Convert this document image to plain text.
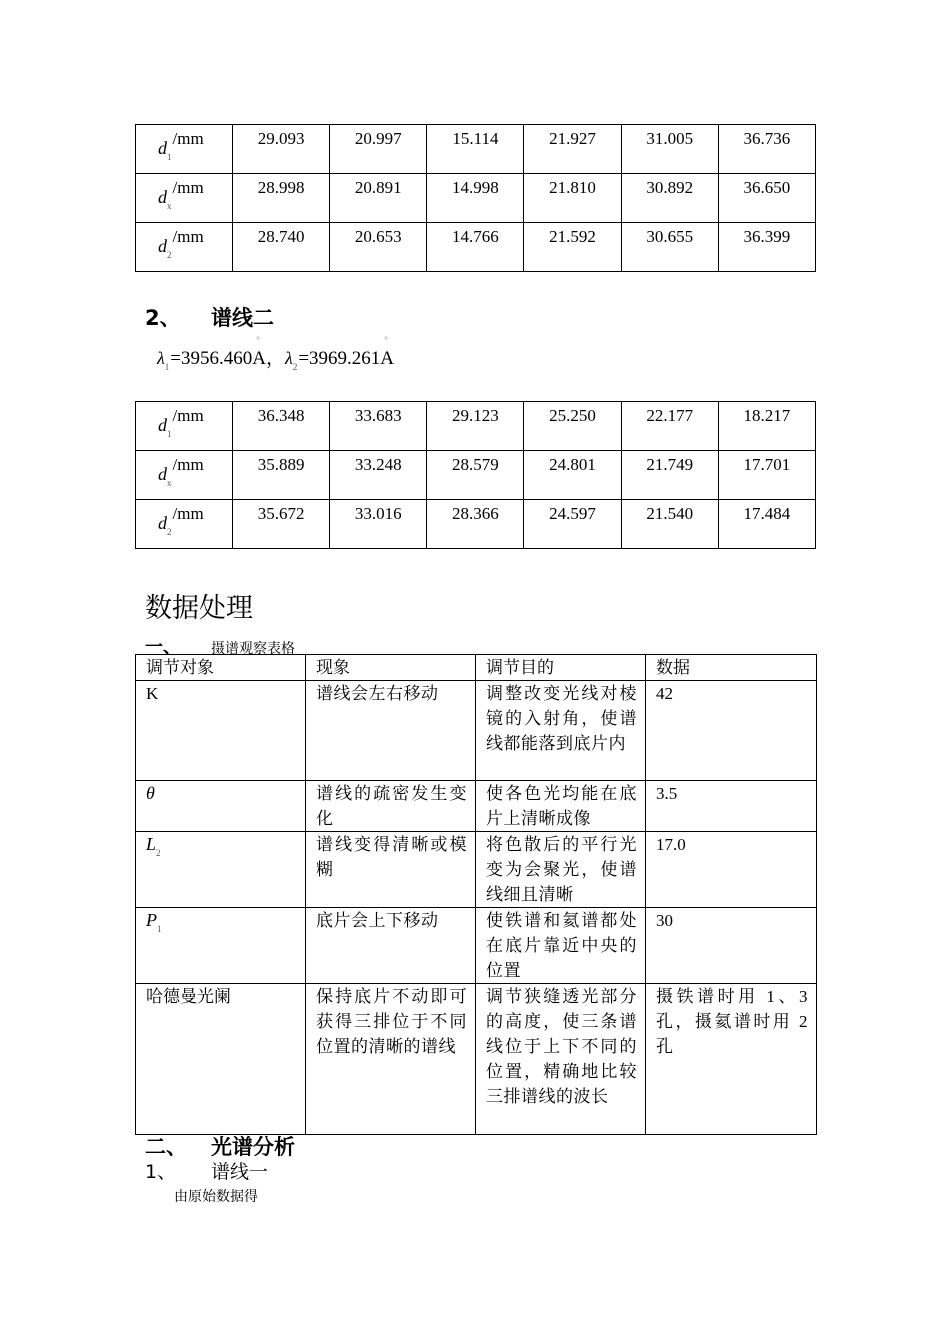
$d_1/mm$	29.093	20.997	15.114	21.927	31.005	36.736
$d_x/mm$	28.998	20.891	14.998	21.810	30.892	36.650
$d_2/mm$	28.740	20.653	14.766	21.592	30.655	36.399
2、 谱线二
$\lambda_1=3956.460^\circ$ A，$\lambda_2=3969.261^\circ$ A
$d_1/mm$	36.348	33.683	29.123	25.250	22.177	18.217
$d_x/mm$	35.889	33.248	28.579	24.801	21.749	17.701
$d_2/mm$	35.672	33.016	28.366	24.597	21.540	17.484
数据处理
一、 摄谱观察表格
调节对象	现象	调节目的	数据
K	谱线会左右移动	调整改变光线对棱镜的入射角，使谱线都能落到底片内	42
θ	谱线的疏密发生变化	使各色光均能在底片上清晰成像	3.5
$L_2$	谱线变得清晰或模糊	将色散后的平行光变为会聚光，使谱线细且清晰	17.0
$P_1$	底片会上下移动	使铁谱和氦谱都处在底片靠近中央的位置	30
哈德曼光阑	保持底片不动即可获得三排位于不同位置的清晰的谱线	调节狭缝透光部分的高度，使三条谱线位于上下不同的位置，精确地比较三排谱线的波长	摄铁谱时用 1、3 孔，摄氦谱时用 2 孔
二、 光谱分析
1、 谱线一
由原始数据得
